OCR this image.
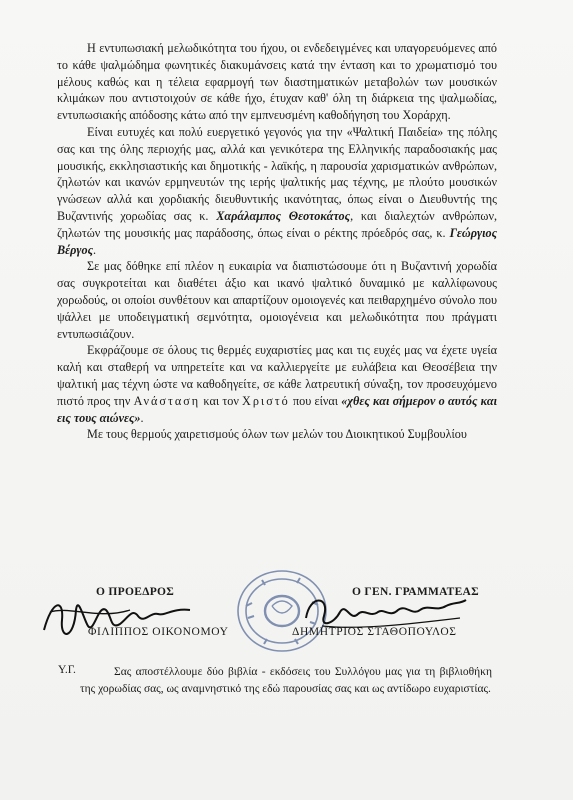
Η εντυπωσιακή μελωδικότητα του ήχου, οι ενδεδειγμένες και υπαγορευόμενες από το κάθε ψαλμώδημα φωνητικές διακυμάνσεις κατά την ένταση και το χρωματισμό του μέλους καθώς και η τέλεια εφαρμογή των διαστηματικών μεταβολών των μουσικών κλιμάκων που αντιστοιχούν σε κάθε ήχο, έτυχαν καθ' όλη τη διάρκεια της ψαλμωδίας, εντυπωσιακής απόδοσης κάτω από την εμπνευσμένη καθοδήγηση του Χοράρχη.

Είναι ευτυχές και πολύ ευεργετικό γεγονός για την «Ψαλτική Παιδεία» της πόλης σας και της όλης περιοχής μας, αλλά και γενικότερα της Ελληνικής παραδοσιακής μας μουσικής, εκκλησιαστικής και δημοτικής - λαϊκής, η παρουσία χαρισματικών ανθρώπων, ζηλωτών και ικανών ερμηνευτών της ιερής ψαλτικής μας τέχνης, με πλούτο μουσικών γνώσεων αλλά και χορδιακής διευθυντικής ικανότητας, όπως είναι ο Διευθυντής της Βυζαντινής χορωδίας σας κ. Χαράλαμπος Θεοτοκάτος, και διαλεχτών ανθρώπων, ζηλωτών της μουσικής μας παράδοσης, όπως είναι ο ρέκτης πρόεδρός σας, κ. Γεώργιος Βέργος.

Σε μας δόθηκε επί πλέον η ευκαιρία να διαπιστώσουμε ότι η Βυζαντινή χορωδία σας συγκροτείται και διαθέτει άξιο και ικανό ψαλτικό δυναμικό με καλλίφωνους χορωδούς, οι οποίοι συνθέτουν και απαρτίζουν ομοιογενές και πειθαρχημένο σύνολο που ψάλλει με υποδειγματική σεμνότητα, ομοιογένεια και μελωδικότητα που πράγματι εντυπωσιάζουν.

Εκφράζουμε σε όλους τις θερμές ευχαριστίες μας και τις ευχές μας να έχετε υγεία καλή και σταθερή να υπηρετείτε και να καλλιεργείτε με ευλάβεια και Θεοσέβεια την ψαλτική μας τέχνη ώστε να καθοδηγείτε, σε κάθε λατρευτική σύναξη, τον προσευχόμενο πιστό προς την Ανάσταση και τον Χριστό που είναι «χθες και σήμερον ο αυτός και εις τους αιώνες».

Με τους θερμούς χαιρετισμούς όλων των μελών του Διοικητικού Συμβουλίου

Ο ΠΡΟΕΔΡΟΣ	Ο ΓΕΝ. ΓΡΑΜΜΑΤΕΑΣ
ΦΙΛΙΠΠΟΣ ΟΙΚΟΝΟΜΟΥ	ΔΗΜΗΤΡΙΟΣ ΣΤΑΘΟΠΟΥΛΟΣ
Υ.Γ.	Σας αποστέλλουμε δύο βιβλία - εκδόσεις του Συλλόγου μας για τη βιβλιοθήκη της χορωδίας σας, ως αναμνηστικό της εδώ παρουσίας σας και ως αντίδωρο ευχαριστίας.
